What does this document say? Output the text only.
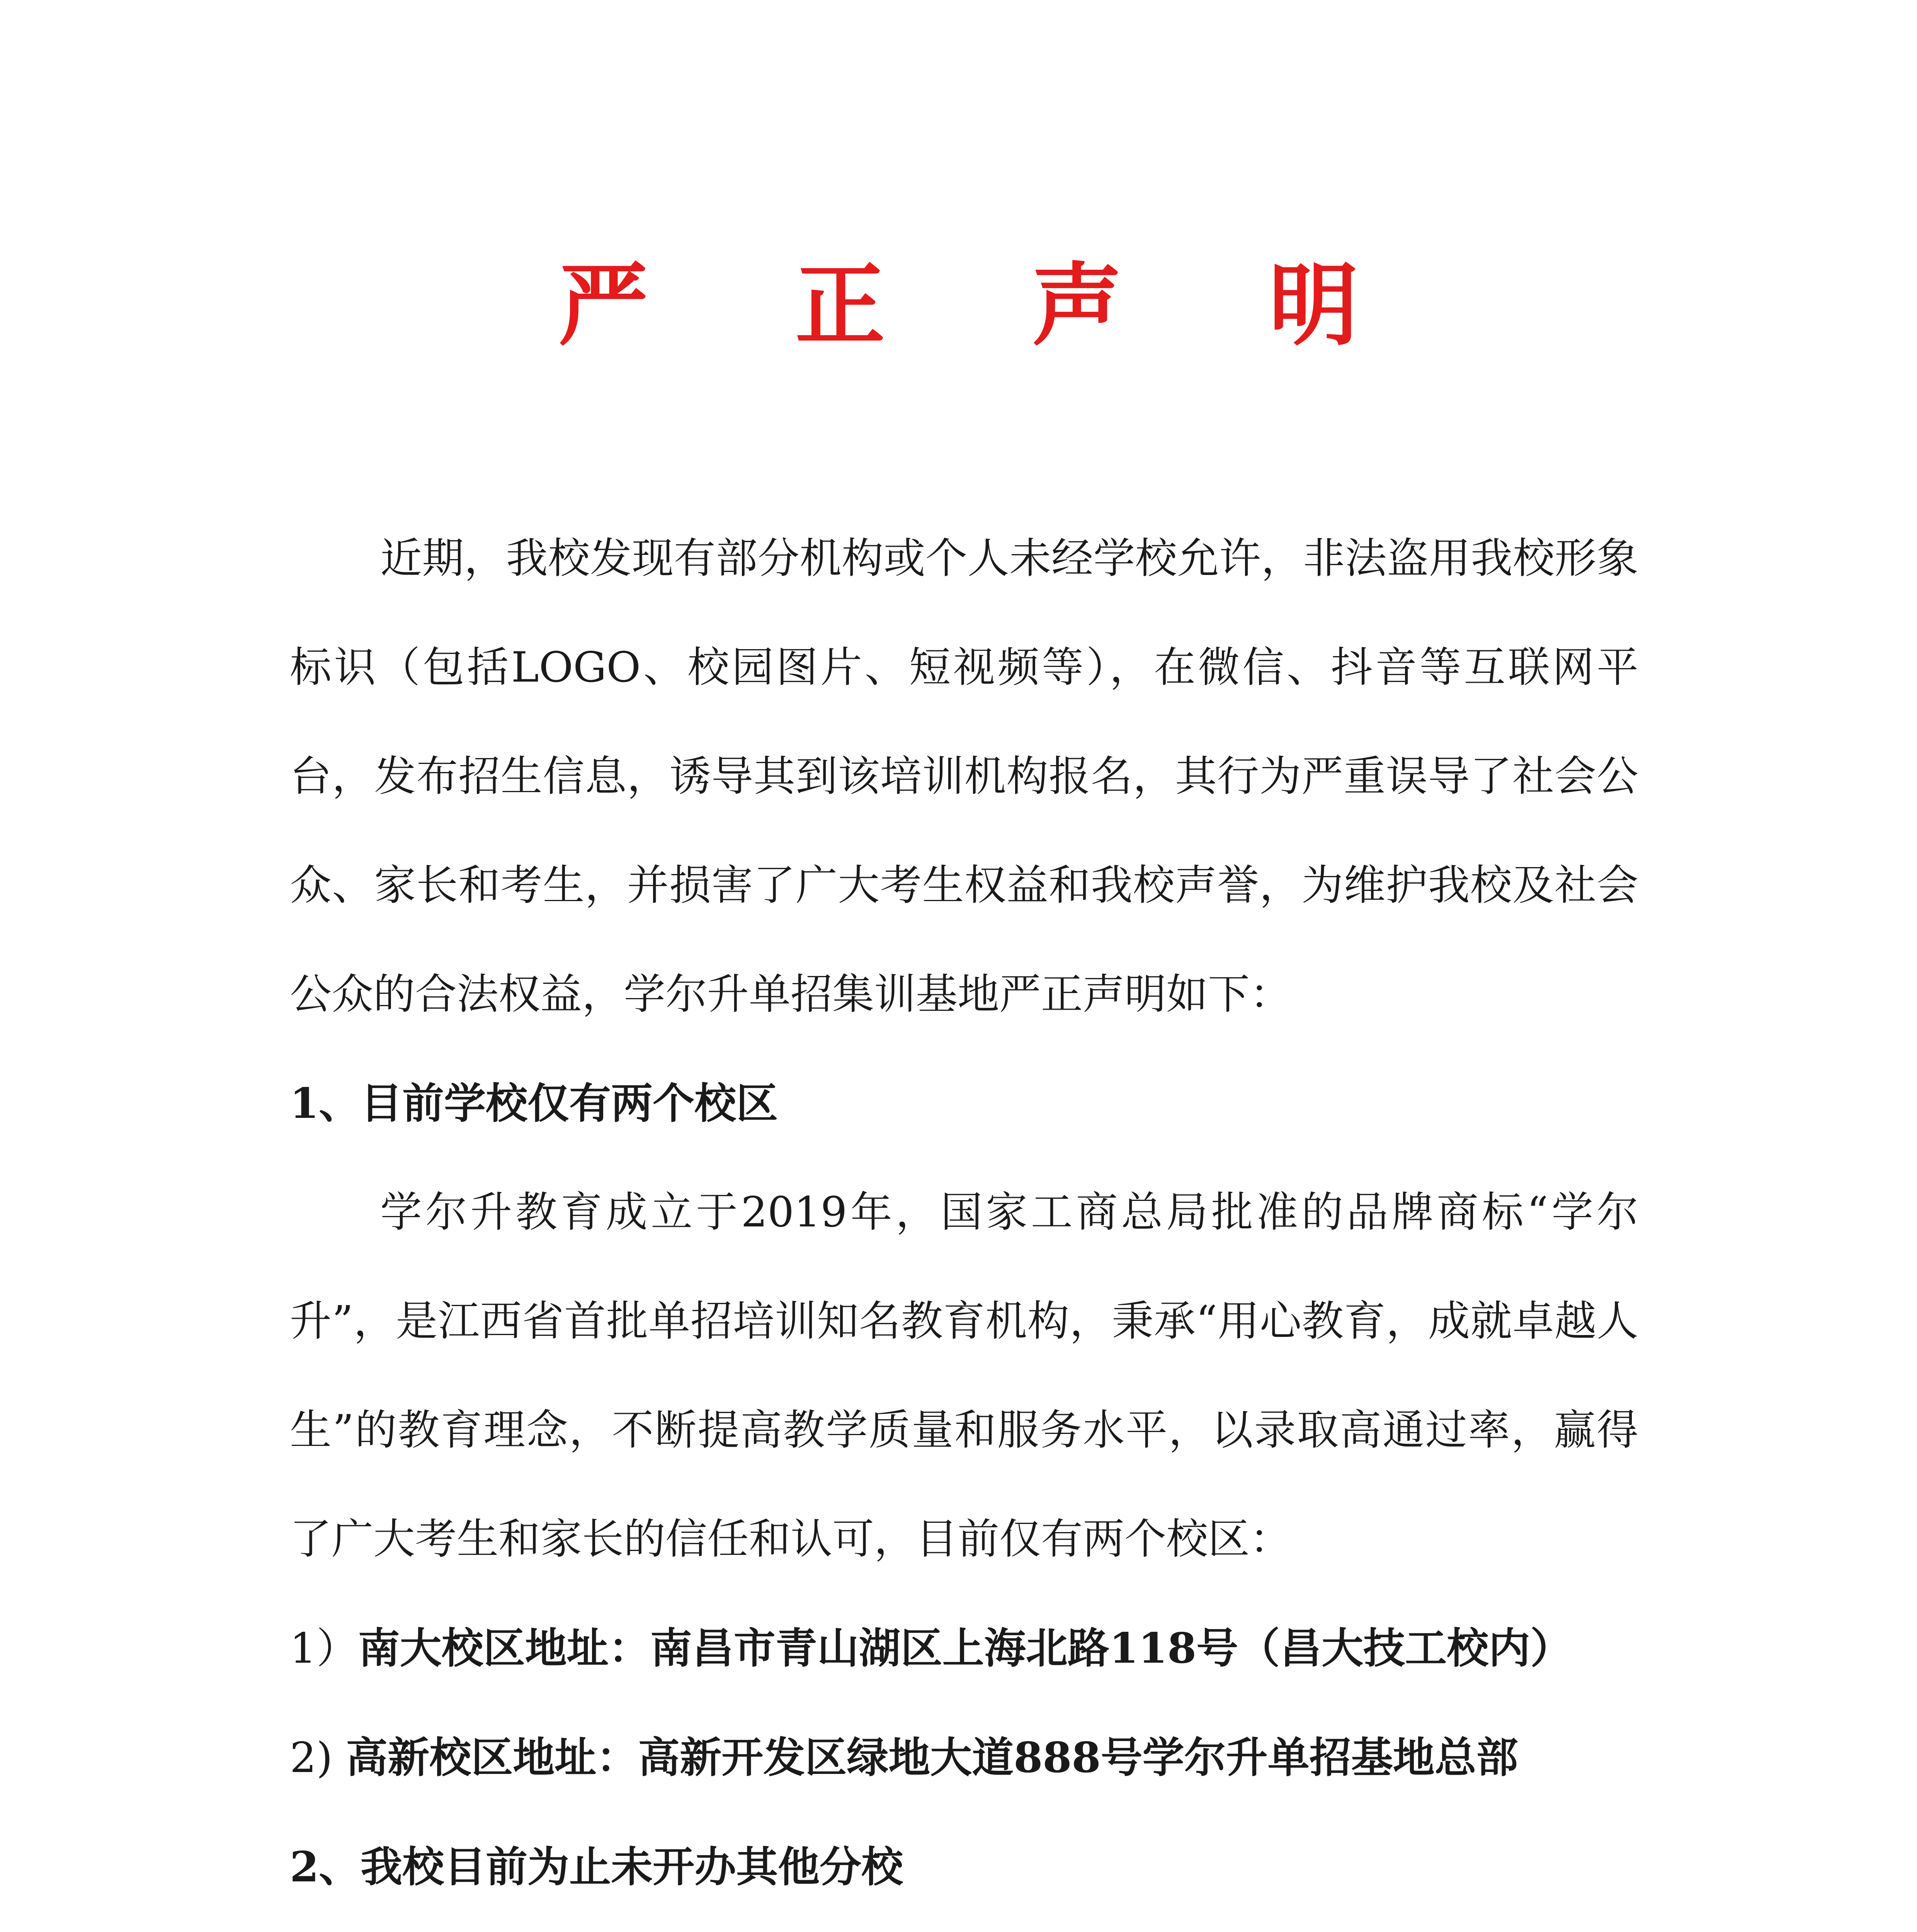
严 正 声 明

近期，我校发现有部分机构或个人未经学校允许，非法盗用我校形象标识（包括LOGO、校园图片、短视频等），在微信、抖音等互联网平台，发布招生信息，诱导其到该培训机构报名，其行为严重误导了社会公众、家长和考生，并损害了广大考生权益和我校声誉，为维护我校及社会公众的合法权益，学尔升单招集训基地严正声明如下：

1、目前学校仅有两个校区

学尔升教育成立于2019年，国家工商总局批准的品牌商标“学尔升”，是江西省首批单招培训知名教育机构，秉承“用心教育，成就卓越人生”的教育理念，不断提高教学质量和服务水平，以录取高通过率，赢得了广大考生和家长的信任和认可，目前仅有两个校区：

1）南大校区地址：南昌市青山湖区上海北路118号（昌大技工校内）
2) 高新校区地址：高新开发区绿地大道888号学尔升单招基地总部
2、我校目前为止未开办其他分校
